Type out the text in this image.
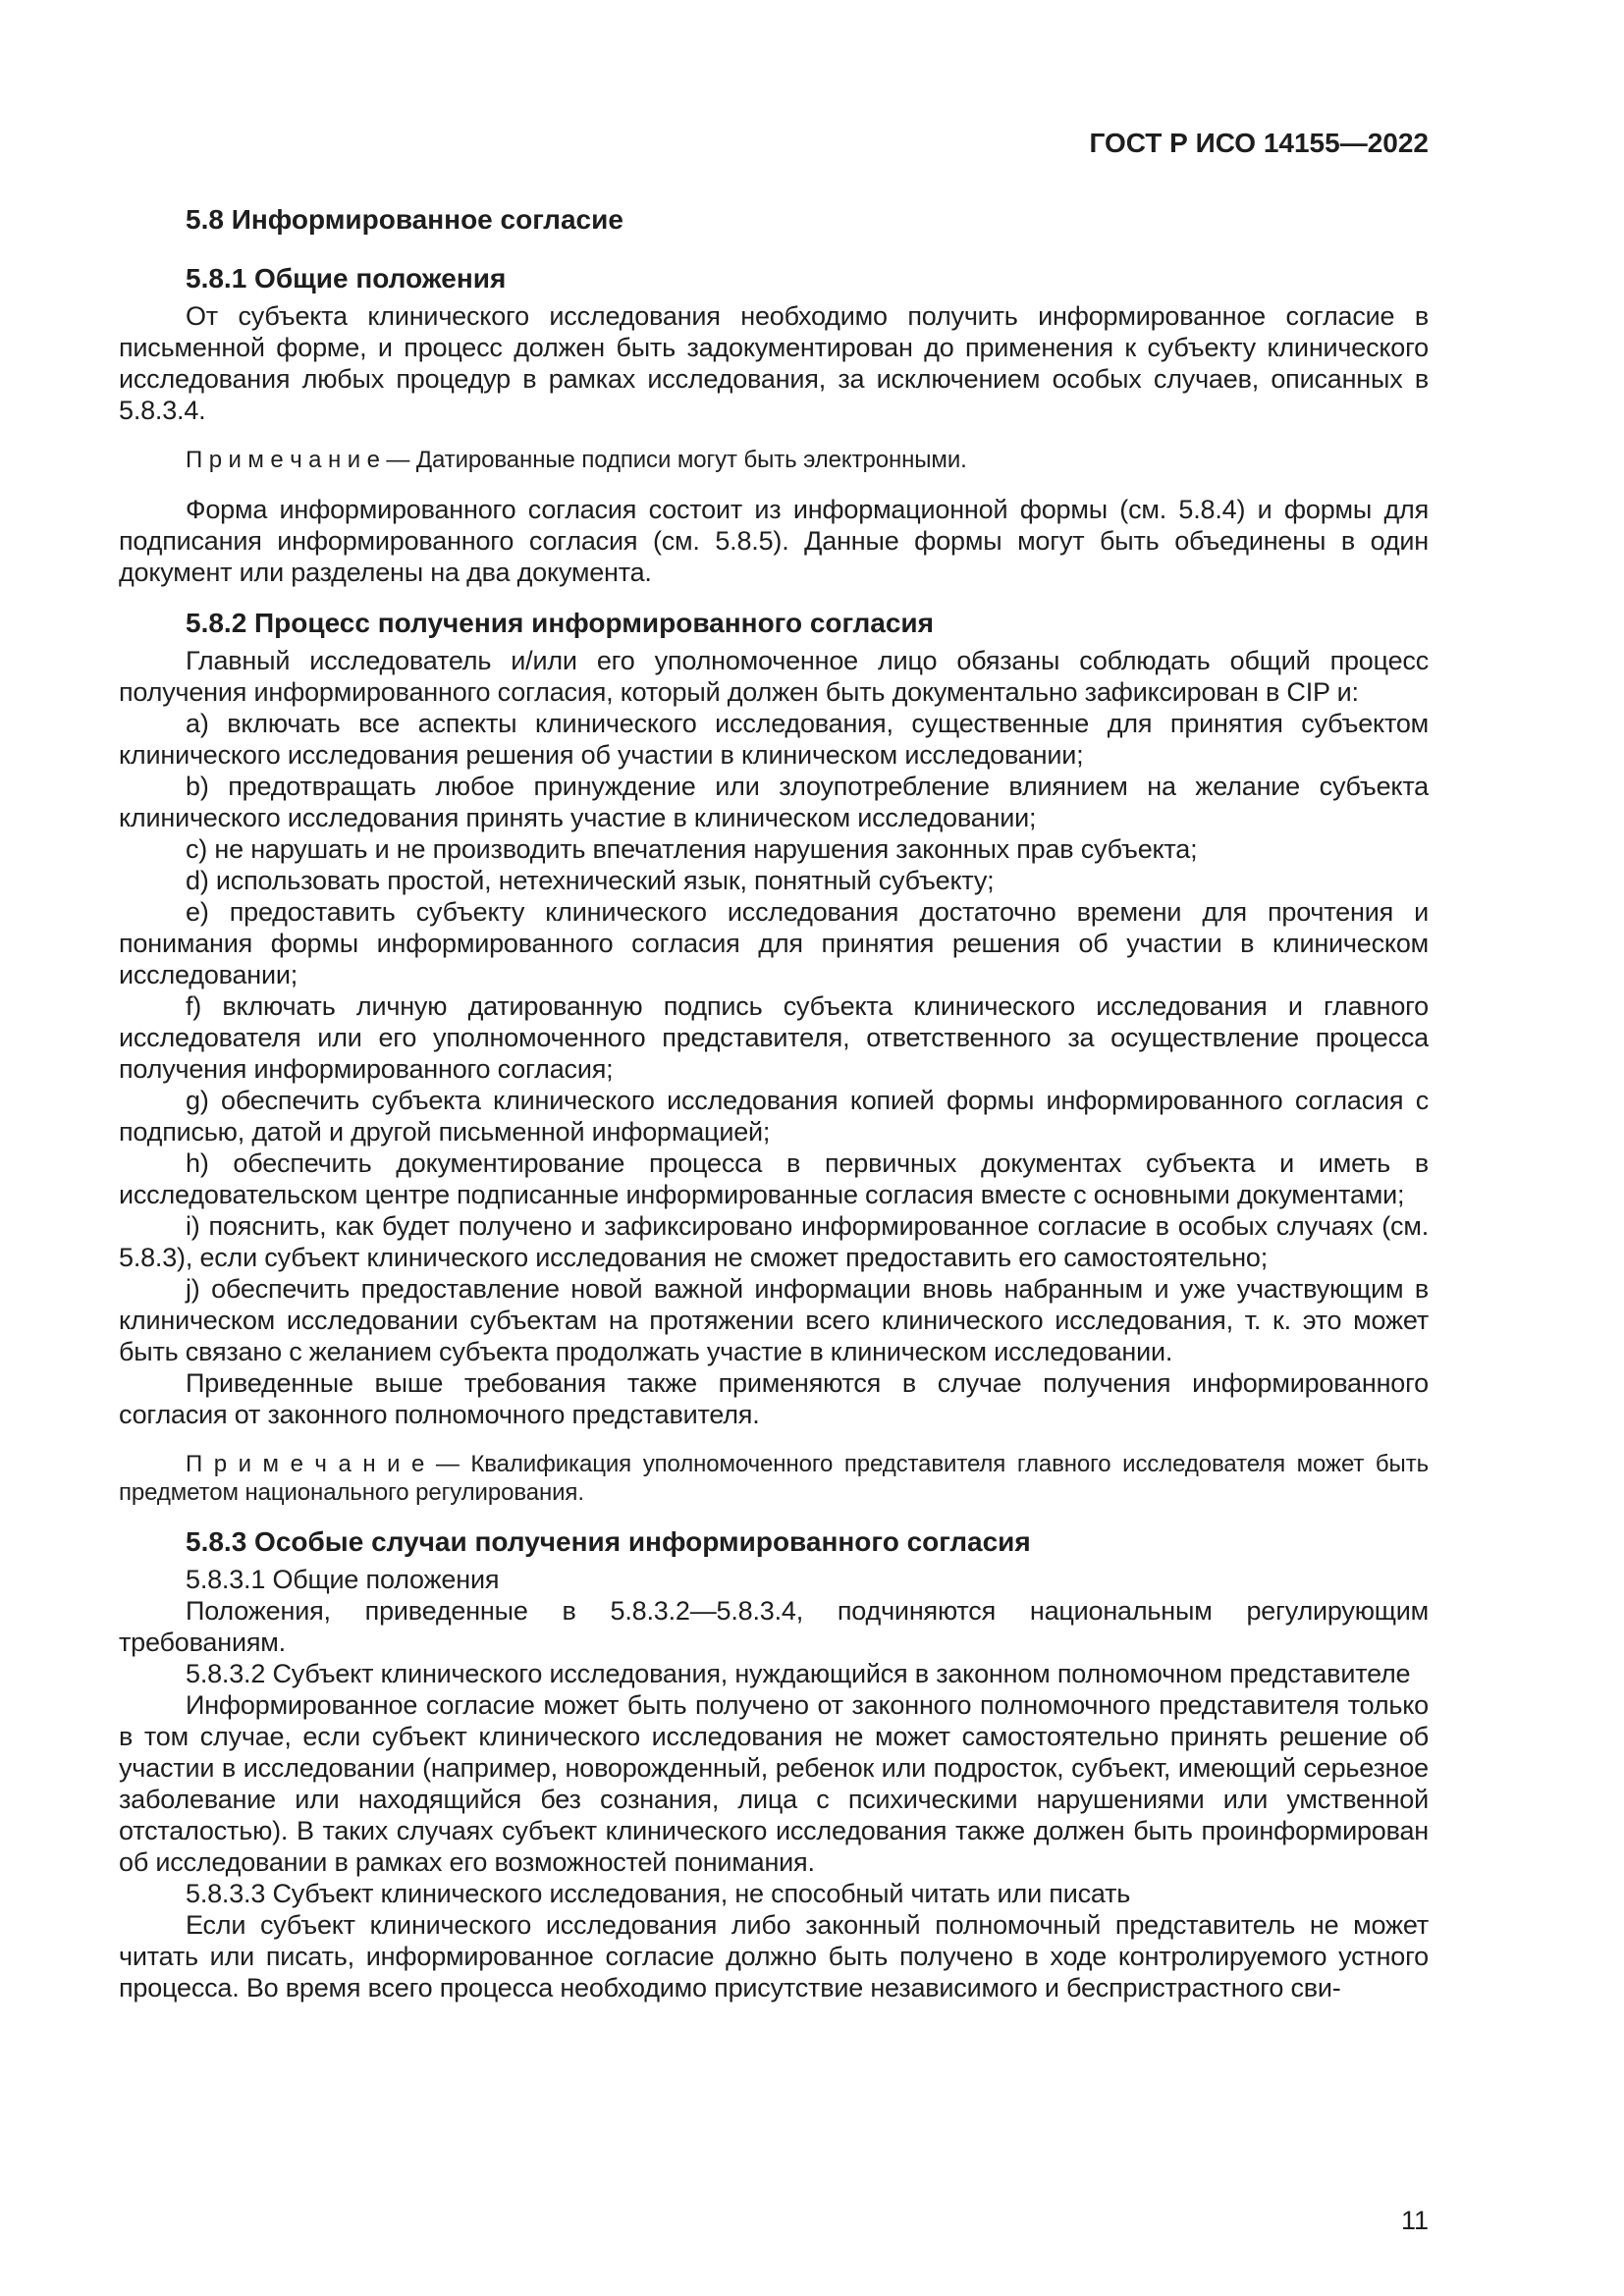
ГОСТ Р ИСО 14155—2022
5.8 Информированное согласие
5.8.1 Общие положения

От субъекта клинического исследования необходимо получить информированное согласие в письменной форме, и процесс должен быть задокументирован до применения к субъекту клинического исследования любых процедур в рамках исследования, за исключением особых случаев, описанных в 5.8.3.4.

П р и м е ч а н и е — Датированные подписи могут быть электронными.

Форма информированного согласия состоит из информационной формы (см. 5.8.4) и формы для подписания информированного согласия (см. 5.8.5). Данные формы могут быть объединены в один документ или разделены на два документа.

5.8.2 Процесс получения информированного согласия

Главный исследователь и/или его уполномоченное лицо обязаны соблюдать общий процесс получения информированного согласия, который должен быть документально зафиксирован в CIP и:

a) включать все аспекты клинического исследования, существенные для принятия субъектом клинического исследования решения об участии в клиническом исследовании;

b) предотвращать любое принуждение или злоупотребление влиянием на желание субъекта клинического исследования принять участие в клиническом исследовании;

c) не нарушать и не производить впечатления нарушения законных прав субъекта;

d) использовать простой, нетехнический язык, понятный субъекту;

e) предоставить субъекту клинического исследования достаточно времени для прочтения и понимания формы информированного согласия для принятия решения об участии в клиническом исследовании;

f) включать личную датированную подпись субъекта клинического исследования и главного исследователя или его уполномоченного представителя, ответственного за осуществление процесса получения информированного согласия;

g) обеспечить субъекта клинического исследования копией формы информированного согласия с подписью, датой и другой письменной информацией;

h) обеспечить документирование процесса в первичных документах субъекта и иметь в исследовательском центре подписанные информированные согласия вместе с основными документами;

i) пояснить, как будет получено и зафиксировано информированное согласие в особых случаях (см. 5.8.3), если субъект клинического исследования не сможет предоставить его самостоятельно;

j) обеспечить предоставление новой важной информации вновь набранным и уже участвующим в клиническом исследовании субъектам на протяжении всего клинического исследования, т. к. это может быть связано с желанием субъекта продолжать участие в клиническом исследовании.

Приведенные выше требования также применяются в случае получения информированного согласия от законного полномочного представителя.

П р и м е ч а н и е — Квалификация уполномоченного представителя главного исследователя может быть предметом национального регулирования.

5.8.3 Особые случаи получения информированного согласия

5.8.3.1 Общие положения

Положения, приведенные в 5.8.3.2—5.8.3.4, подчиняются национальным регулирующим требованиям.

5.8.3.2 Субъект клинического исследования, нуждающийся в законном полномочном представителе

Информированное согласие может быть получено от законного полномочного представителя только в том случае, если субъект клинического исследования не может самостоятельно принять решение об участии в исследовании (например, новорожденный, ребенок или подросток, субъект, имеющий серьезное заболевание или находящийся без сознания, лица с психическими нарушениями или умственной отсталостью). В таких случаях субъект клинического исследования также должен быть проинформирован об исследовании в рамках его возможностей понимания.

5.8.3.3 Субъект клинического исследования, не способный читать или писать

Если субъект клинического исследования либо законный полномочный представитель не может читать или писать, информированное согласие должно быть получено в ходе контролируемого устного процесса. Во время всего процесса необходимо присутствие независимого и беспристрастного сви-

11
